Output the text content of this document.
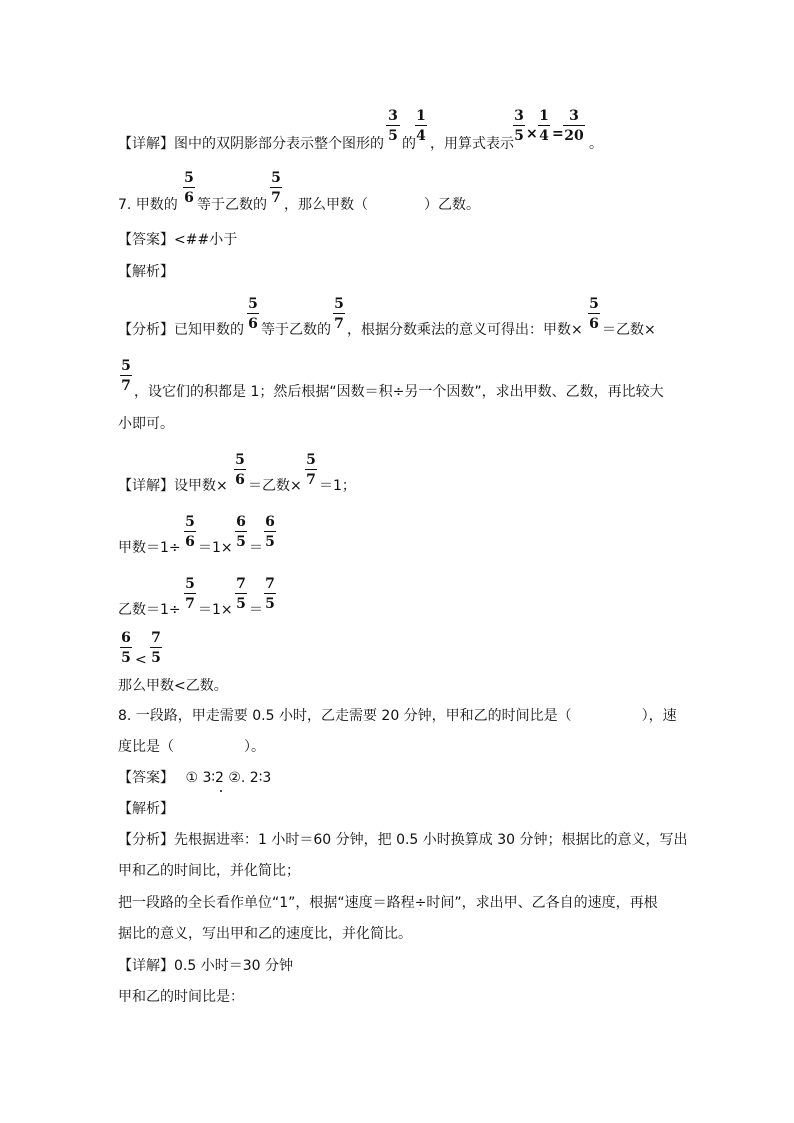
【详解】图中的双阴影部分表示整个图形的
3
5 的
1
4 ，用算式表示
3
5 ×
1
4 =
3
20 。
7. 甲数的
5
6 等于乙数的
5
7 ，那么甲数（　　　　）乙数。
【答案】<##小于
【解析】
【分析】已知甲数的
5
6 等于乙数的
5
7 ，根据分数乘法的意义可得出：甲数×
5
6 ＝乙数×
5
7 ，设它们的积都是 1；然后根据“因数＝积÷另一个因数”，求出甲数、乙数，再比较大
小即可。
【详解】设甲数×
5
6 ＝乙数×
5
7 ＝1；
甲数＝1÷
5
6 ＝1×
6
5 ＝
6
5
乙数＝1÷
5
7 ＝1×
7
5 ＝
7
5
6
5 <
7
5
那么甲数<乙数。
8. 一段路，甲走需要 0.5 小时，乙走需要 20 分钟，甲和乙的时间比是（　　　　　），速
度比是（　　　　　）。
【答案】　 ① 3∶2 ②. 2∶3
【解析】
【分析】先根据进率：1 小时＝60 分钟，把 0.5 小时换算成 30 分钟；根据比的意义，写出
甲和乙的时间比，并化简比；
把一段路的全长看作单位“1”，根据“速度＝路程÷时间”，求出甲、乙各自的速度，再根
据比的意义，写出甲和乙的速度比，并化简比。
【详解】0.5 小时＝30 分钟
甲和乙的时间比是：
